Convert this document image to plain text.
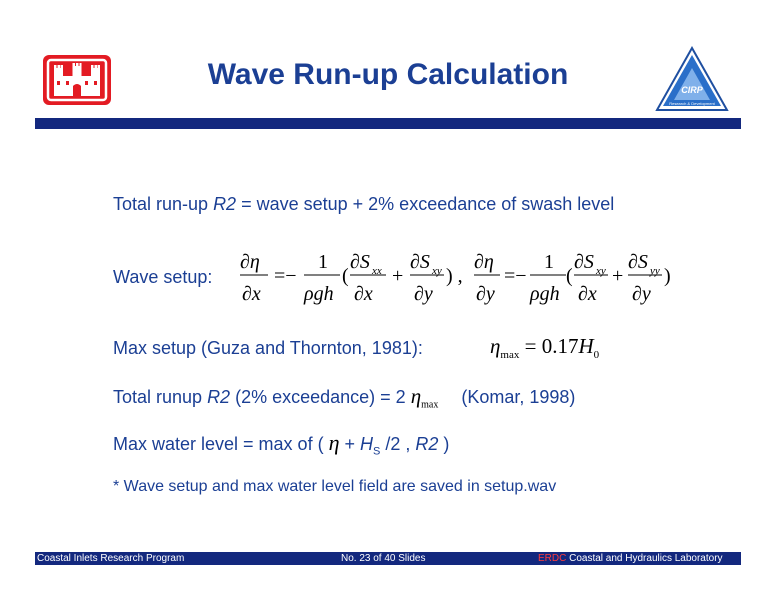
CIRP
Research & Development
Wave Run-up Calculation
Total run-up R2 = wave setup + 2% exceedance of swash level
Wave setup:
∂η
∂x
=−
1
ρgh
(
∂S xx
∂x
+
∂S xy
∂y
) ,
∂η
∂y
=−
1
ρgh
(
∂S xy
∂x
+
∂S yy
∂y
)
Max setup (Guza and Thornton, 1981):	$\eta_{max} = 0.17H_0$
Total runup R2 (2% exceedance) = 2 $\eta_{max}$ (Komar, 1998)
Max water level = max of ( $\eta + H_S$ /2 , R2 )
* Wave setup and max water level field are saved in setup.wav
Coastal Inlets Research Program	No. 23 of 40 Slides	ERDC Coastal and Hydraulics Laboratory
